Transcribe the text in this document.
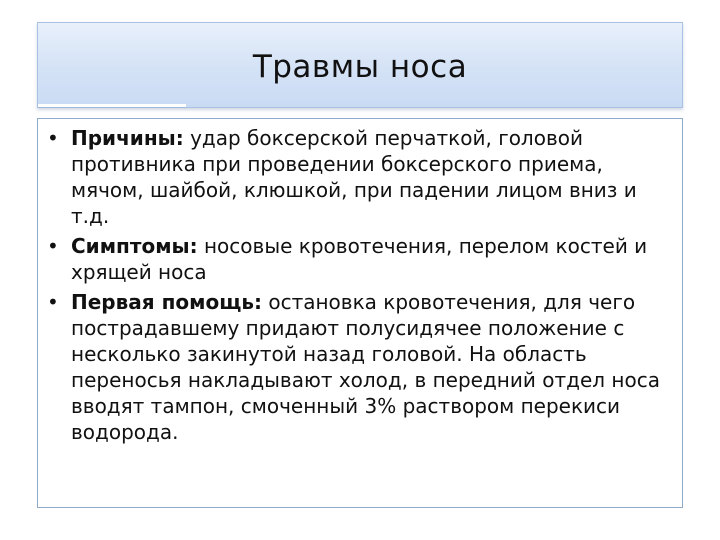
Травмы носа
• Причины: удар боксерской перчаткой, головой противника при проведении боксерского приема, мячом, шайбой, клюшкой, при падении лицом вниз и т.д.
• Симптомы: носовые кровотечения, перелом костей и хрящей носа
• Первая помощь: остановка кровотечения, для чего пострадавшему придают полусидячее положение с несколько закинутой назад головой. На область переносья накладывают холод, в передний отдел носа вводят тампон, смоченный 3% раствором перекиси водорода.
